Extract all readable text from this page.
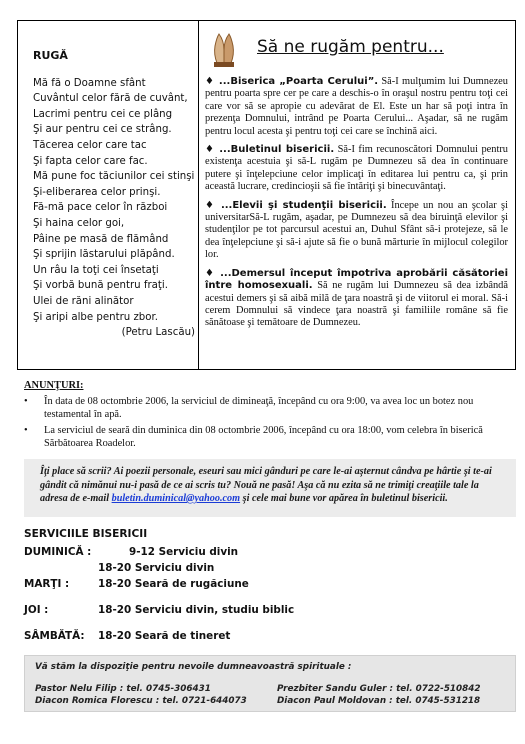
RUGĂ
Mă fă o Doamne sfânt
Cuvântul celor fără de cuvânt,
Lacrimi pentru cei ce plâng
Şi aur pentru cei ce strâng.
Tăcerea celor care tac
Şi fapta celor care fac.
Mă pune foc tăciunilor cei stinşi
Şi-eliberarea celor prinşi.
Fă-mă pace celor în război
Şi haina celor goi,
Pâine pe masă de flămând
Şi sprijin lăstarului plăpând.
Un râu la toţi cei însetaţi
Şi vorbă bună pentru fraţi.
Ulei de răni alinător
Şi aripi albe pentru zbor.
(Petru Lascău)
Să ne rugăm pentru...
♦ ...Biserica „Poarta Cerului”. Să-I mulţumim lui Dumnezeu pentru poarta spre cer pe care a deschis-o în oraşul nostru pentru toţi cei care vor să se apropie cu adevărat de El. Este un har să poţi intra în prezenţa Domnului, intrând pe Poarta Cerului... Aşadar, să ne rugăm pentru locul acesta şi pentru toţi cei care se închină aici.
♦ ...Buletinul bisericii. Să-I fim recunoscători Domnului pentru existenţa acestuia şi să-L rugăm pe Dumnezeu să dea în continuare putere şi înţelepciune celor implicaţi în editarea lui pentru ca, şi prin această lucrare, credincioşii să fie întăriţi şi binecuvântaţi.
♦ ...Elevii şi studenţii bisericii. Începe un nou an şcolar şi universitarSă-L rugăm, aşadar, pe Dumnezeu să dea biruinţă elevilor şi studenţilor pe tot parcursul acestui an, Duhul Sfânt să-i protejeze, să le dea înţelepciune şi să-i ajute să fie o bună mărturie în mijlocul colegilor lor.
♦ ...Demersul început împotriva aprobării căsătoriei între homosexuali. Să ne rugăm lui Dumnezeu să dea izbândă acestui demers şi să aibă milă de ţara noastră şi de viitorul ei moral. Să-i cerem Domnului să vindece ţara noastră şi familiile române să fie sănătoase şi temătoare de Dumnezeu.
ANUNŢURI:
•	În data de 08 octombrie 2006, la serviciul de dimineaţă, începând cu ora 9:00, va avea loc un botez nou testamental în apă.
•	La serviciul de seară din duminica din 08 octombrie 2006, începând cu ora 18:00, vom celebra în biserică Sărbătoarea Roadelor.
Îţi place să scrii? Ai poezii personale, eseuri sau mici gânduri pe care le-ai aşternut cândva pe hârtie şi te-ai gândit că nimănui nu-i pasă de ce ai scris tu? Nouă ne pasă! Aşa că nu ezita să ne trimiţi creaţiile tale la adresa de e-mail buletin.duminical@yahoo.com şi cele mai bune vor apărea în buletinul bisericii.
SERVICIILE BISERICII
DUMINICĂ :	9-12 Serviciu divin
18-20 Serviciu divin
MARŢI :	18-20 Seară de rugăciune
JOI :	18-20 Serviciu divin, studiu biblic
SÂMBĂTĂ: 18-20 Seară de tineret
Vă stăm la dispoziţie pentru nevoile dumneavoastră spirituale :
Pastor Nelu Filip : tel. 0745-306431	Prezbiter Sandu Guler : tel. 0722-510842
Diacon Romica Florescu : tel. 0721-644073	Diacon Paul Moldovan : tel. 0745-531218
